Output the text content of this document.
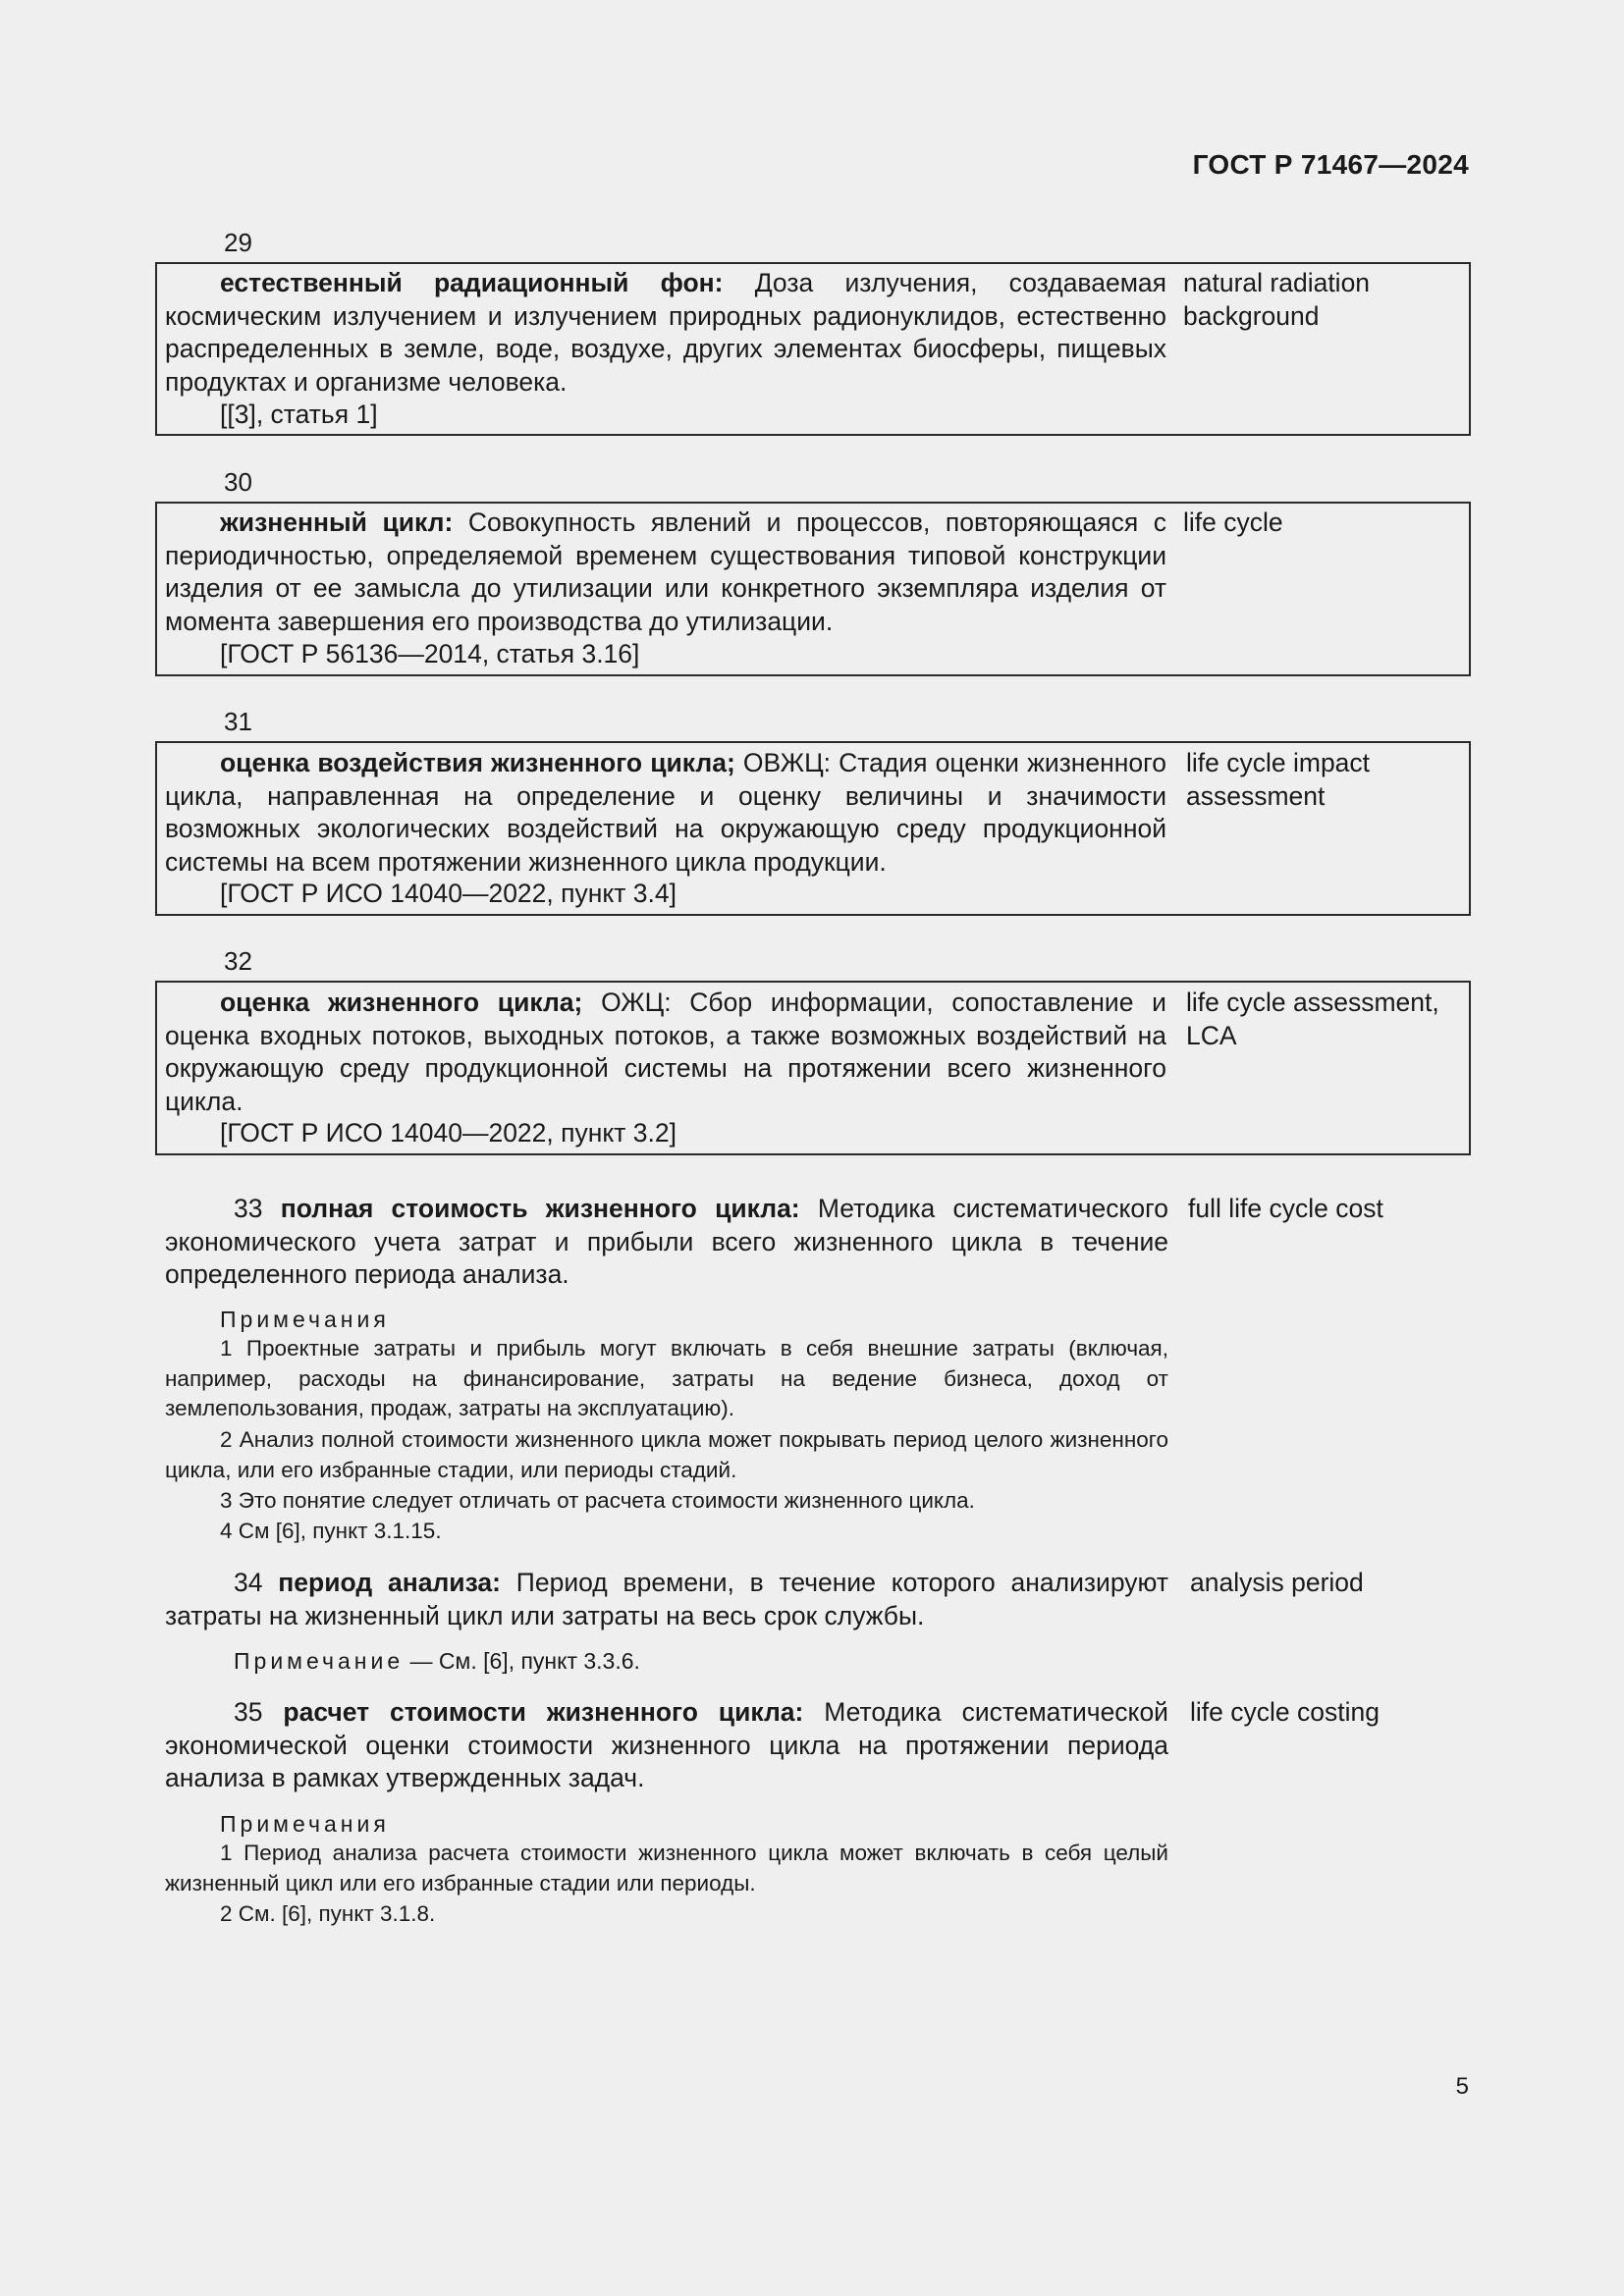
ГОСТ Р 71467—2024
29
естественный радиационный фон: Доза излучения, создаваемая космическим излучением и излучением природных радионуклидов, естественно распределенных в земле, воде, воздухе, других элементах биосферы, пищевых продуктах и организме человека.
[[3], статья 1]
natural radiation background
30
жизненный цикл: Совокупность явлений и процессов, повторяющаяся с периодичностью, определяемой временем существования типовой конструкции изделия от ее замысла до утилизации или конкретного экземпляра изделия от момента завершения его производства до утилизации.
[ГОСТ Р 56136—2014, статья 3.16]
life cycle
31
оценка воздействия жизненного цикла; ОВЖЦ: Стадия оценки жизненного цикла, направленная на определение и оценку величины и значимости возможных экологических воздействий на окружающую среду продукционной системы на всем протяжении жизненного цикла продукции.
[ГОСТ Р ИСО 14040—2022, пункт 3.4]
life cycle impact assessment
32
оценка жизненного цикла; ОЖЦ: Сбор информации, сопоставление и оценка входных потоков, выходных потоков, а также возможных воздействий на окружающую среду продукционной системы на протяжении всего жизненного цикла.
[ГОСТ Р ИСО 14040—2022, пункт 3.2]
life cycle assessment, LCA
33 полная стоимость жизненного цикла: Методика систематического экономического учета затрат и прибыли всего жизненного цикла в течение определенного периода анализа.
full life cycle cost
Примечания
1 Проектные затраты и прибыль могут включать в себя внешние затраты (включая, например, расходы на финансирование, затраты на ведение бизнеса, доход от землепользования, продаж, затраты на эксплуатацию).
2 Анализ полной стоимости жизненного цикла может покрывать период целого жизненного цикла, или его избранные стадии, или периоды стадий.
3 Это понятие следует отличать от расчета стоимости жизненного цикла.
4 См [6], пункт 3.1.15.
34 период анализа: Период времени, в течение которого анализируют затраты на жизненный цикл или затраты на весь срок службы.
analysis period
Примечание — См. [6], пункт 3.3.6.
35 расчет стоимости жизненного цикла: Методика систематической экономической оценки стоимости жизненного цикла на протяжении периода анализа в рамках утвержденных задач.
life cycle costing
Примечания
1 Период анализа расчета стоимости жизненного цикла может включать в себя целый жизненный цикл или его избранные стадии или периоды.
2 См. [6], пункт 3.1.8.
5
